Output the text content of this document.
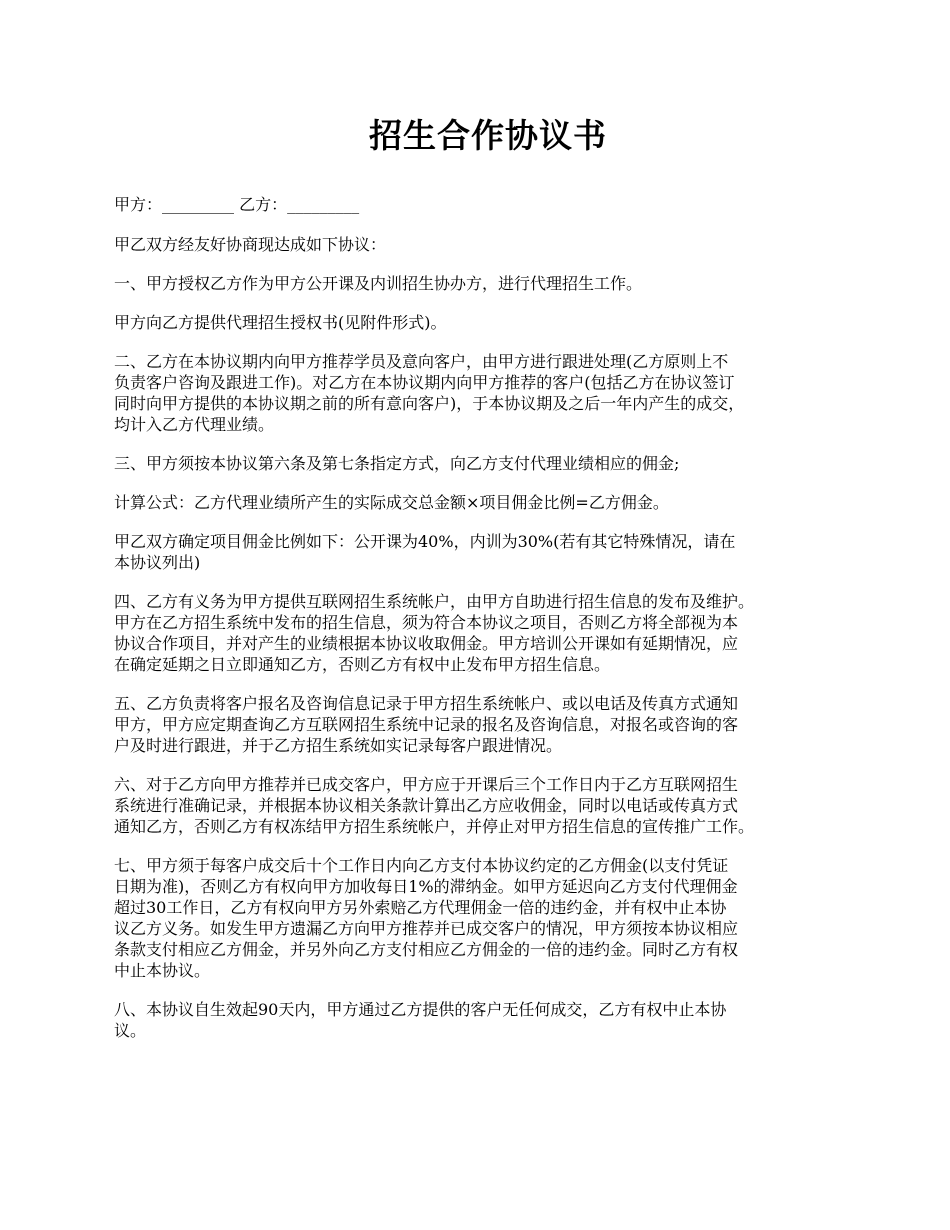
招生合作协议书

甲方：_________ 乙方：_________

甲乙双方经友好协商现达成如下协议：

一、甲方授权乙方作为甲方公开课及内训招生协办方，进行代理招生工作。

甲方向乙方提供代理招生授权书(见附件形式)。

二、乙方在本协议期内向甲方推荐学员及意向客户，由甲方进行跟进处理(乙方原则上不
负责客户咨询及跟进工作)。对乙方在本协议期内向甲方推荐的客户(包括乙方在协议签订
同时向甲方提供的本协议期之前的所有意向客户)，于本协议期及之后一年内产生的成交，
均计入乙方代理业绩。

三、甲方须按本协议第六条及第七条指定方式，向乙方支付代理业绩相应的佣金;

计算公式：乙方代理业绩所产生的实际成交总金额×项目佣金比例=乙方佣金。

甲乙双方确定项目佣金比例如下：公开课为40%，内训为30%(若有其它特殊情况，请在
本协议列出)

四、乙方有义务为甲方提供互联网招生系统帐户，由甲方自助进行招生信息的发布及维护。
甲方在乙方招生系统中发布的招生信息，须为符合本协议之项目，否则乙方将全部视为本
协议合作项目，并对产生的业绩根据本协议收取佣金。甲方培训公开课如有延期情况，应
在确定延期之日立即通知乙方，否则乙方有权中止发布甲方招生信息。

五、乙方负责将客户报名及咨询信息记录于甲方招生系统帐户、或以电话及传真方式通知
甲方，甲方应定期查询乙方互联网招生系统中记录的报名及咨询信息，对报名或咨询的客
户及时进行跟进，并于乙方招生系统如实记录每客户跟进情况。

六、对于乙方向甲方推荐并已成交客户，甲方应于开课后三个工作日内于乙方互联网招生
系统进行准确记录，并根据本协议相关条款计算出乙方应收佣金，同时以电话或传真方式
通知乙方，否则乙方有权冻结甲方招生系统帐户，并停止对甲方招生信息的宣传推广工作。

七、甲方须于每客户成交后十个工作日内向乙方支付本协议约定的乙方佣金(以支付凭证
日期为准)，否则乙方有权向甲方加收每日1%的滞纳金。如甲方延迟向乙方支付代理佣金
超过30工作日，乙方有权向甲方另外索赔乙方代理佣金一倍的违约金，并有权中止本协
议乙方义务。如发生甲方遗漏乙方向甲方推荐并已成交客户的情况，甲方须按本协议相应
条款支付相应乙方佣金，并另外向乙方支付相应乙方佣金的一倍的违约金。同时乙方有权
中止本协议。

八、本协议自生效起90天内，甲方通过乙方提供的客户无任何成交，乙方有权中止本协
议。
